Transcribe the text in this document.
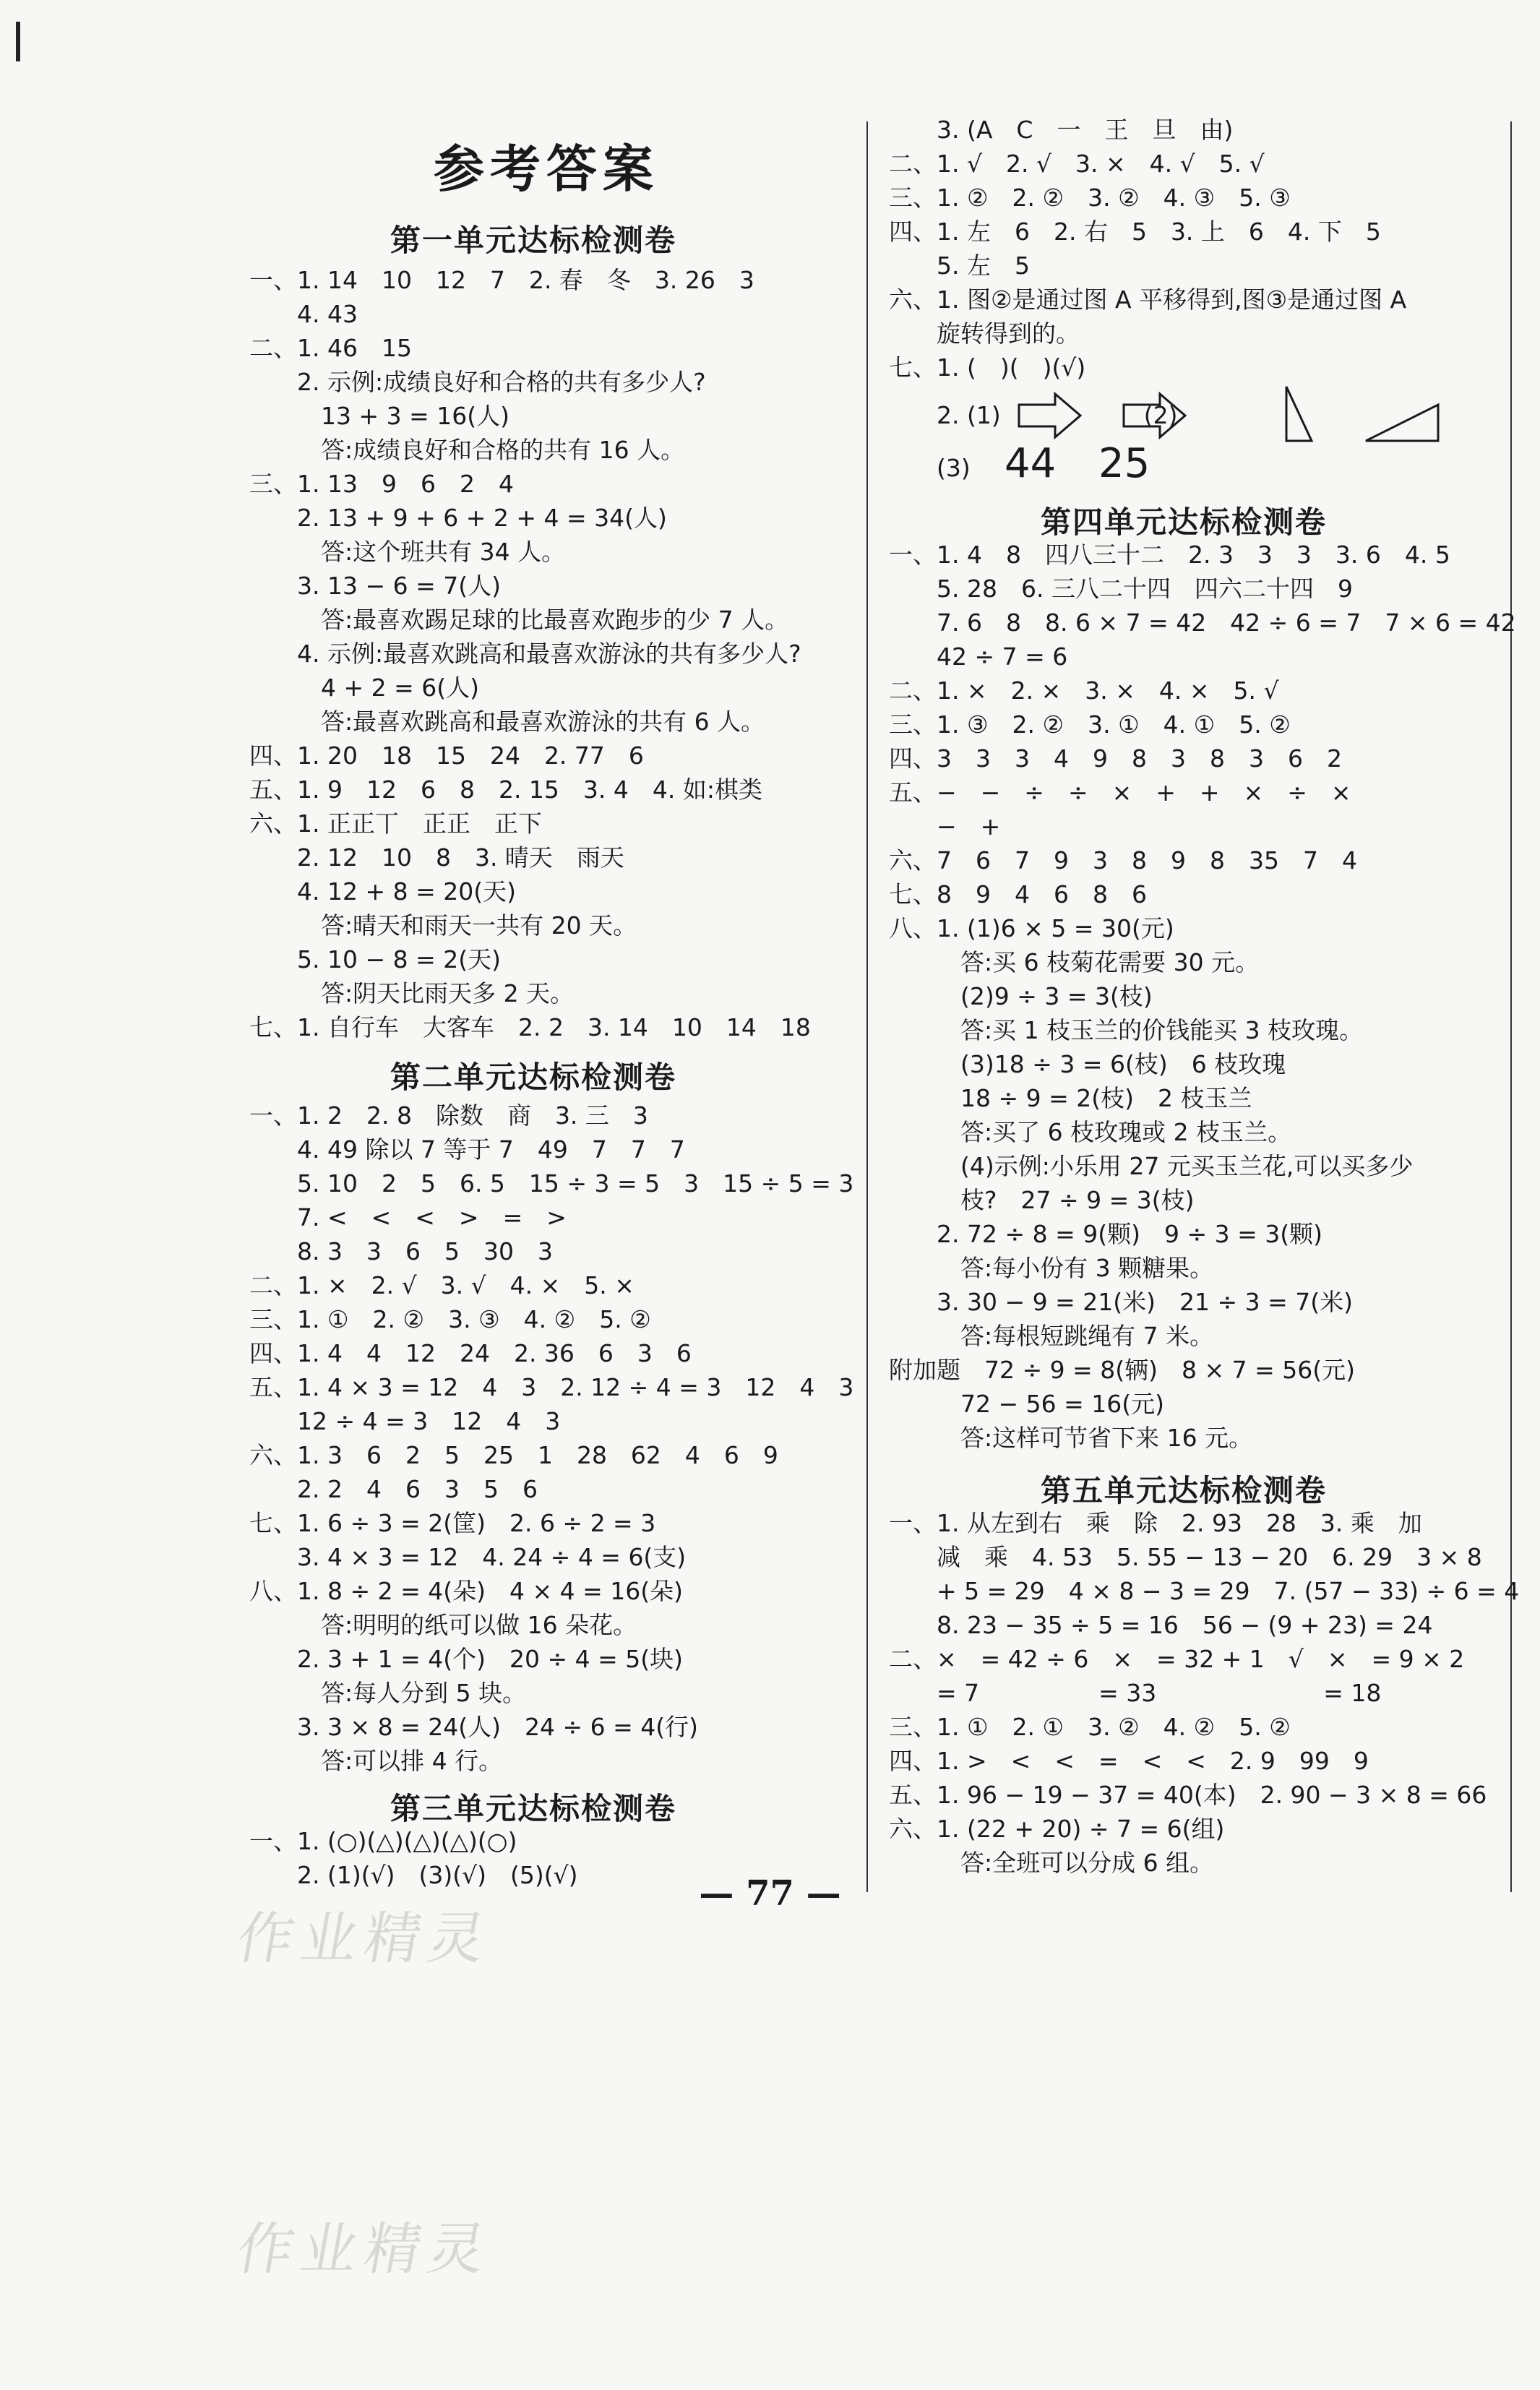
参考答案
第一单元达标检测卷
一、1. 14　10　12　7　2. 春　冬　3. 26　3
　　4. 43
二、1. 46　15
　　2. 示例:成绩良好和合格的共有多少人?
　　　13 + 3 = 16(人)
　　　答:成绩良好和合格的共有 16 人。
三、1. 13　9　6　2　4
　　2. 13 + 9 + 6 + 2 + 4 = 34(人)
　　　答:这个班共有 34 人。
　　3. 13 − 6 = 7(人)
　　　答:最喜欢踢足球的比最喜欢跑步的少 7 人。
　　4. 示例:最喜欢跳高和最喜欢游泳的共有多少人?
　　　4 + 2 = 6(人)
　　　答:最喜欢跳高和最喜欢游泳的共有 6 人。
四、1. 20　18　15　24　2. 77　6
五、1. 9　12　6　8　2. 15　3. 4　4. 如:棋类
六、1. 正正丅　正正　正下
　　2. 12　10　8　3. 晴天　雨天
　　4. 12 + 8 = 20(天)
　　　答:晴天和雨天一共有 20 天。
　　5. 10 − 8 = 2(天)
　　　答:阴天比雨天多 2 天。
七、1. 自行车　大客车　2. 2　3. 14　10　14　18
第二单元达标检测卷
一、1. 2　2. 8　除数　商　3. 三　3
　　4. 49 除以 7 等于 7　49　7　7　7
　　5. 10　2　5　6. 5　15 ÷ 3 = 5　3　15 ÷ 5 = 3
　　7. <　<　<　>　=　>
　　8. 3　3　6　5　30　3
二、1. ×　2. √　3. √　4. ×　5. ×
三、1. ①　2. ②　3. ③　4. ②　5. ②
四、1. 4　4　12　24　2. 36　6　3　6
五、1. 4 × 3 = 12　4　3　2. 12 ÷ 4 = 3　12　4　3
　　12 ÷ 4 = 3　12　4　3
六、1. 3　6　2　5　25　1　28　62　4　6　9
　　2. 2　4　6　3　5　6
七、1. 6 ÷ 3 = 2(筐)　2. 6 ÷ 2 = 3
　　3. 4 × 3 = 12　4. 24 ÷ 4 = 6(支)
八、1. 8 ÷ 2 = 4(朵)　4 × 4 = 16(朵)
　　　答:明明的纸可以做 16 朵花。
　　2. 3 + 1 = 4(个)　20 ÷ 4 = 5(块)
　　　答:每人分到 5 块。
　　3. 3 × 8 = 24(人)　24 ÷ 6 = 4(行)
　　　答:可以排 4 行。
第三单元达标检测卷
一、1. (○)(△)(△)(△)(○)
　　2. (1)(√)　(3)(√)　(5)(√)
　　3. (A　C　一　王　旦　由)
二、1. √　2. √　3. ×　4. √　5. √
三、1. ②　2. ②　3. ②　4. ③　5. ③
四、1. 左　6　2. 右　5　3. 上　6　4. 下　5
　　5. 左　5
六、1. 图②是通过图 A 平移得到,图③是通过图 A
　　旋转得到的。
七、1. (　)(　)(√)
　　2. (1)　　　　　　(2)
　　(3) 44 25
第四单元达标检测卷
一、1. 4　8　四八三十二　2. 3　3　3　3. 6　4. 5
　　5. 28　6. 三八二十四　四六二十四　9
　　7. 6　8　8. 6 × 7 = 42　42 ÷ 6 = 7　7 × 6 = 42
　　42 ÷ 7 = 6
二、1. ×　2. ×　3. ×　4. ×　5. √
三、1. ③　2. ②　3. ①　4. ①　5. ②
四、3　3　3　4　9　8　3　8　3　6　2
五、−　−　÷　÷　×　+　+　×　÷　×
　　−　+
六、7　6　7　9　3　8　9　8　35　7　4
七、8　9　4　6　8　6
八、1. (1)6 × 5 = 30(元)
　　　答:买 6 枝菊花需要 30 元。
　　　(2)9 ÷ 3 = 3(枝)
　　　答:买 1 枝玉兰的价钱能买 3 枝玫瑰。
　　　(3)18 ÷ 3 = 6(枝)　6 枝玫瑰
　　　18 ÷ 9 = 2(枝)　2 枝玉兰
　　　答:买了 6 枝玫瑰或 2 枝玉兰。
　　　(4)示例:小乐用 27 元买玉兰花,可以买多少
　　　枝?　27 ÷ 9 = 3(枝)
　　2. 72 ÷ 8 = 9(颗)　9 ÷ 3 = 3(颗)
　　　答:每小份有 3 颗糖果。
　　3. 30 − 9 = 21(米)　21 ÷ 3 = 7(米)
　　　答:每根短跳绳有 7 米。
附加题　72 ÷ 9 = 8(辆)　8 × 7 = 56(元)
　　　72 − 56 = 16(元)
　　　答:这样可节省下来 16 元。
第五单元达标检测卷
一、1. 从左到右　乘　除　2. 93　28　3. 乘　加
　　减　乘　4. 53　5. 55 − 13 − 20　6. 29　3 × 8
　　+ 5 = 29　4 × 8 − 3 = 29　7. (57 − 33) ÷ 6 = 4
　　8. 23 − 35 ÷ 5 = 16　56 − (9 + 23) = 24
二、×　= 42 ÷ 6　×　= 32 + 1　√　×　= 9 × 2
　　= 7　　　　　= 33　　　　　　　= 18
三、1. ①　2. ①　3. ②　4. ②　5. ②
四、1. >　<　<　=　<　<　2. 9　99　9
五、1. 96 − 19 − 37 = 40(本)　2. 90 − 3 × 8 = 66
六、1. (22 + 20) ÷ 7 = 6(组)
　　　答:全班可以分成 6 组。
— 77 —
作业精灵
作业精灵
